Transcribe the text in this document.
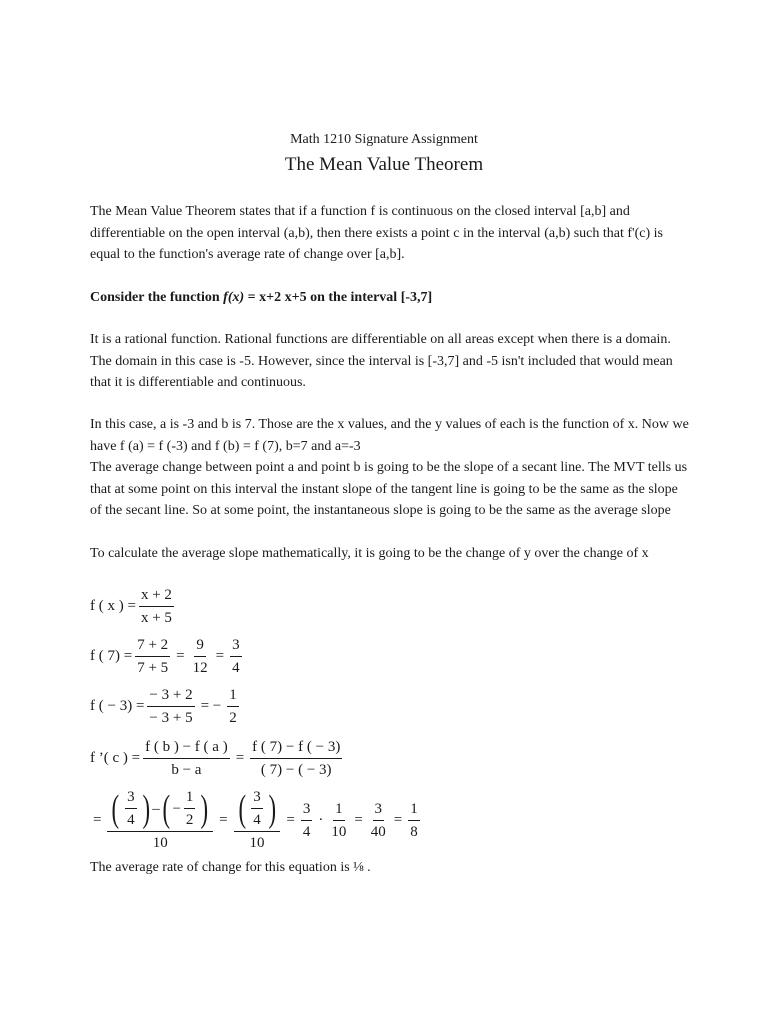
Math 1210 Signature Assignment
The Mean Value Theorem

The Mean Value Theorem states that if a function f is continuous on the closed interval [a,b] and differentiable on the open interval (a,b), then there exists a point c in the interval (a,b) such that f'(c) is equal to the function's average rate of change over [a,b].

Consider the function f(x) = x+2 x+5 on the interval [-3,7]

It is a rational function. Rational functions are differentiable on all areas except when there is a domain. The domain in this case is -5. However, since the interval is [-3,7] and -5 isn't included that would mean that it is differentiable and continuous.

In this case, a is -3 and b is 7. Those are the x values, and the y values of each is the function of x. Now we have f (a) = f (-3) and f (b) = f (7), b=7 and a=-3

The average change between point a and point b is going to be the slope of a secant line. The MVT tells us that at some point on this interval the instant slope of the tangent line is going to be the same as the slope of the secant line. So at some point, the instantaneous slope is going to be the same as the average slope

To calculate the average slope mathematically, it is going to be the change of y over the change of x

f ( x ) = $\frac{x + 2}{x + 5}$
f ( $7) = \frac{7 + 2}{7 + 5} = \frac{9}{12} = \frac{3}{4}$
f ( − $3) = \frac{- 3 + 2}{- 3 + 5}$ = − $\frac{1}{2}$
f ’( c ) = $\frac{f ( b ) - f ( a )}{b - a} = \frac{f ( 7) - f ( - 3)}{( 7) - ( - 3)}$
= ( $\frac{3}{4}$ ) – ( − $\frac{1}{2}$ )
10
= ( $\frac{3}{4}$ )
10
= $\frac{3}{4} \cdot \frac{1}{10} = \frac{3}{40} = \frac{1}{8}$

The average rate of change for this equation is ⅛ .
